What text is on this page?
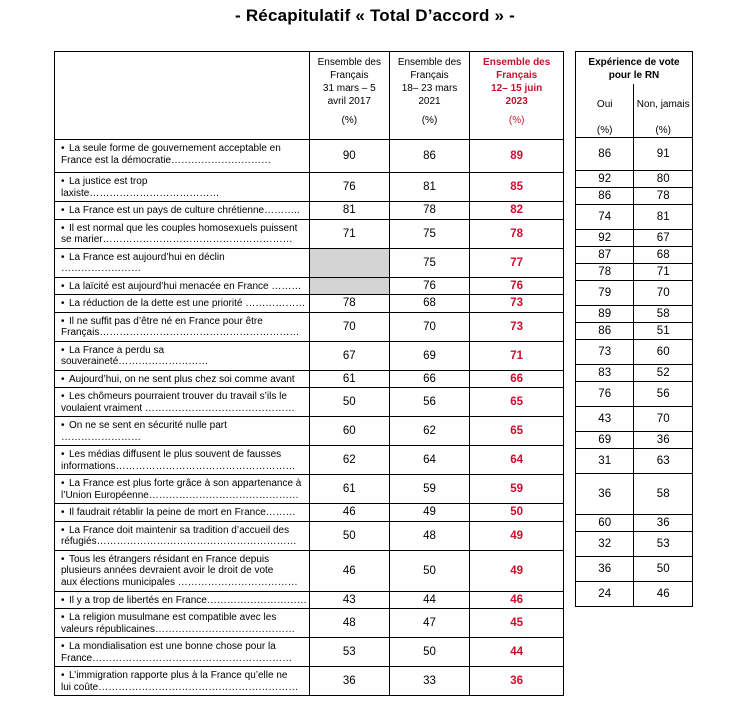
- Récapitulatif « Total D’accord » -
	Ensemble des
Français
31 mars – 5
avril 2017
(%)	Ensemble des
Français
18– 23 mars
2021
(%)	Ensemble des
Français
12– 15 juin
2023
(%)

• La seule forme de gouvernement acceptable en
France est la démocratie…………………………	90	86	89
• La justice est trop laxiste…………………………………	76	81	85
• La France est un pays de culture chrétienne………..	81	78	82
• Il est normal que les couples homosexuels puissent
se marier…………………………………………………	71	75	78
• La France est aujourd’hui en déclin ……………………		75	77
• La laïcité est aujourd’hui menacée en France ………		76	76
• La réduction de la dette est une priorité ………………	78	68	73
• Il ne suffit pas d’être né en France pour être
Français……………………………………………………	70	70	73
• La France a perdu sa souveraineté………………………	67	69	71
• Aujourd’hui, on ne sent plus chez soi comme avant	61	66	66
• Les chômeurs pourraient trouver du travail s’ils le
voulaient vraiment ………………………………………	50	56	65
• On ne se sent en sécurité nulle part ……………………	60	62	65
• Les médias diffusent le plus souvent de fausses
informations………………………………………………	62	64	64
• La France est plus forte grâce à son appartenance à
l’Union Européenne………………………………………	61	59	59
• Il faudrait rétablir la peine de mort en France………	46	49	50
• La France doit maintenir sa tradition d’accueil des
réfugiés……………………………………………………	50	48	49
• Tous les étrangers résidant en France depuis
plusieurs années devraient avoir le droit de vote
aux élections municipales ………………………………	46	50	49
• Il y a trop de libertés en France…………………………	43	44	46
• La religion musulmane est compatible avec les
valeurs républicaines……………………………………	48	47	45
• La mondialisation est une bonne chose pour la
France……………………………………………………	53	50	44
• L’immigration rapporte plus à la France qu’elle ne
lui coûte……………………………………………………	36	33	36
Expérience de vote
pour le RN	
Oui

(%)	Non, jamais

(%)
86	91
92	80
86	78
74	81
92	67
87	68
78	71
79	70
89	58
86	51
73	60
83	52
76	56
43	70
69	36
31	63
36	58
60	36
32	53
36	50
24	46
